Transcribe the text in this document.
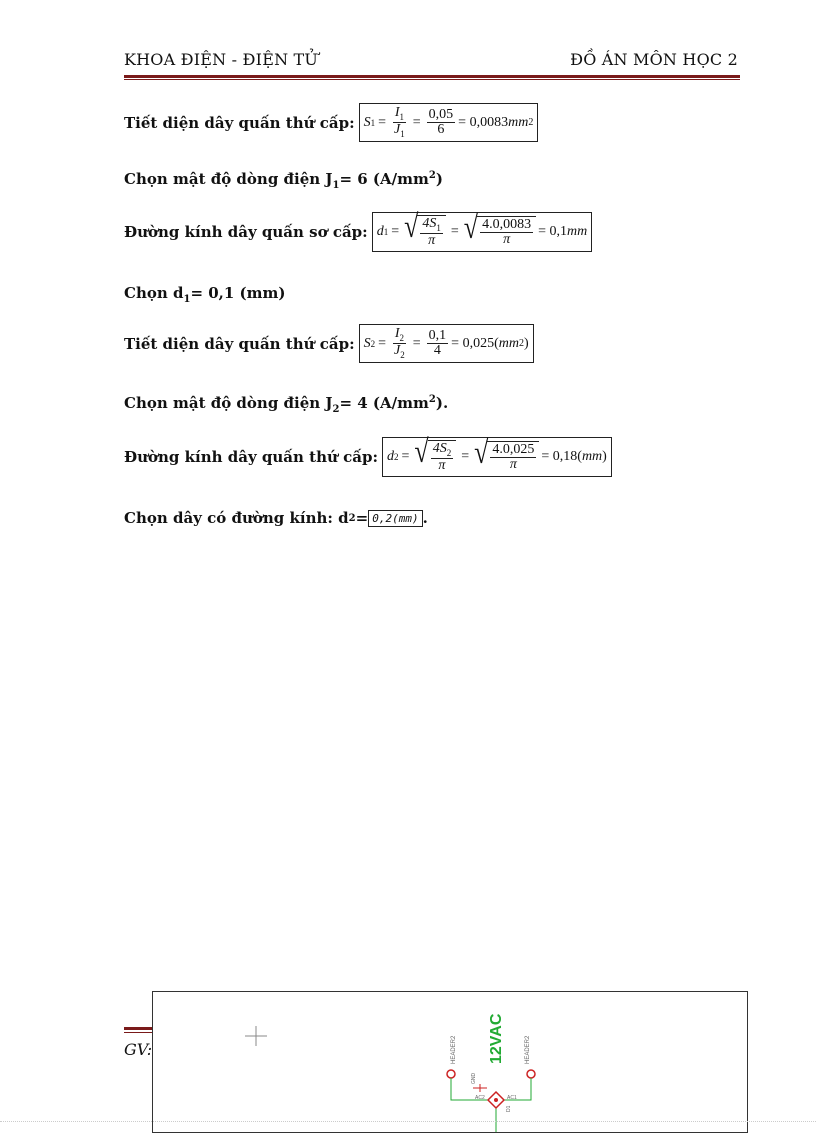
KHOA ĐIỆN - ĐIỆN TỬ	ĐỒ ÁN MÔN HỌC 2
Tiết diện dây quấn thứ cấp: S $1 = \frac{I_1}{J_1} = \frac{0,05}{6} = 0,0083$ mm 2
Chọn mật độ dòng điện $J_1= 6$ $(A/mm^2)$
Đường kính dây quấn sơ cấp: d 1 = √ $\frac{4S_1}{\pi}$ = √ $\frac{4.0,0083}{\pi} = 0,1$ mm
Chọn $d_1= 0,1$ (mm)
Tiết diện dây quấn thứ cấp: S $2 = \frac{I_2}{J_2} = \frac{0,1}{4} = 0,025$( mm 2 )
Chọn mật độ dòng điện $J_2= 4$ $(A/mm^2)$.
Đường kính dây quấn thứ cấp: d 2 = √ $\frac{4S_2}{\pi}$ = √ $\frac{4.0,025}{\pi} = 0,18$( mm )
Chọn dây có đường kính: d 2 = 0,2(mm) .
GV:	12VAC
HEADER2	HEADER2
GND
AC2	AC1
D1
